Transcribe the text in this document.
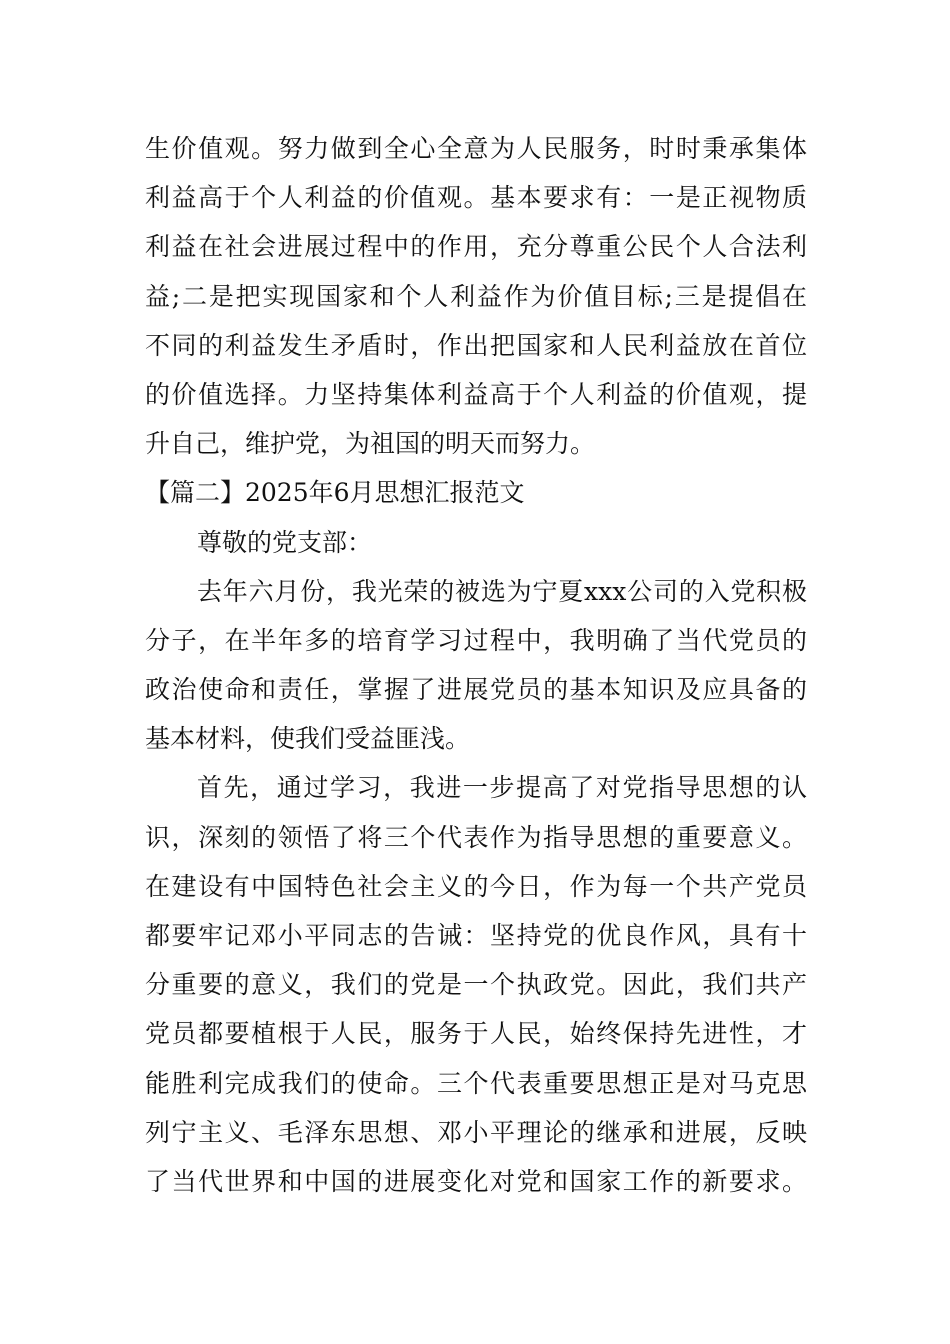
生价值观。努力做到全心全意为人民服务，时时秉承集体
利益高于个人利益的价值观。基本要求有：一是正视物质
利益在社会进展过程中的作用，充分尊重公民个人合法利
益;二是把实现国家和个人利益作为价值目标;三是提倡在
不同的利益发生矛盾时，作出把国家和人民利益放在首位
的价值选择。力坚持集体利益高于个人利益的价值观，提
升自己，维护党，为祖国的明天而努力。
【篇二】2025年6月思想汇报范文
尊敬的党支部：
去年六月份，我光荣的被选为宁夏xxx公司的入党积极
分子，在半年多的培育学习过程中，我明确了当代党员的
政治使命和责任，掌握了进展党员的基本知识及应具备的
基本材料，使我们受益匪浅。
首先，通过学习，我进一步提高了对党指导思想的认
识，深刻的领悟了将三个代表作为指导思想的重要意义。
在建设有中国特色社会主义的今日，作为每一个共产党员
都要牢记邓小平同志的告诫：坚持党的优良作风，具有十
分重要的意义，我们的党是一个执政党。因此，我们共产
党员都要植根于人民，服务于人民，始终保持先进性，才
能胜利完成我们的使命。三个代表重要思想正是对马克思
列宁主义、毛泽东思想、邓小平理论的继承和进展，反映
了当代世界和中国的进展变化对党和国家工作的新要求。
